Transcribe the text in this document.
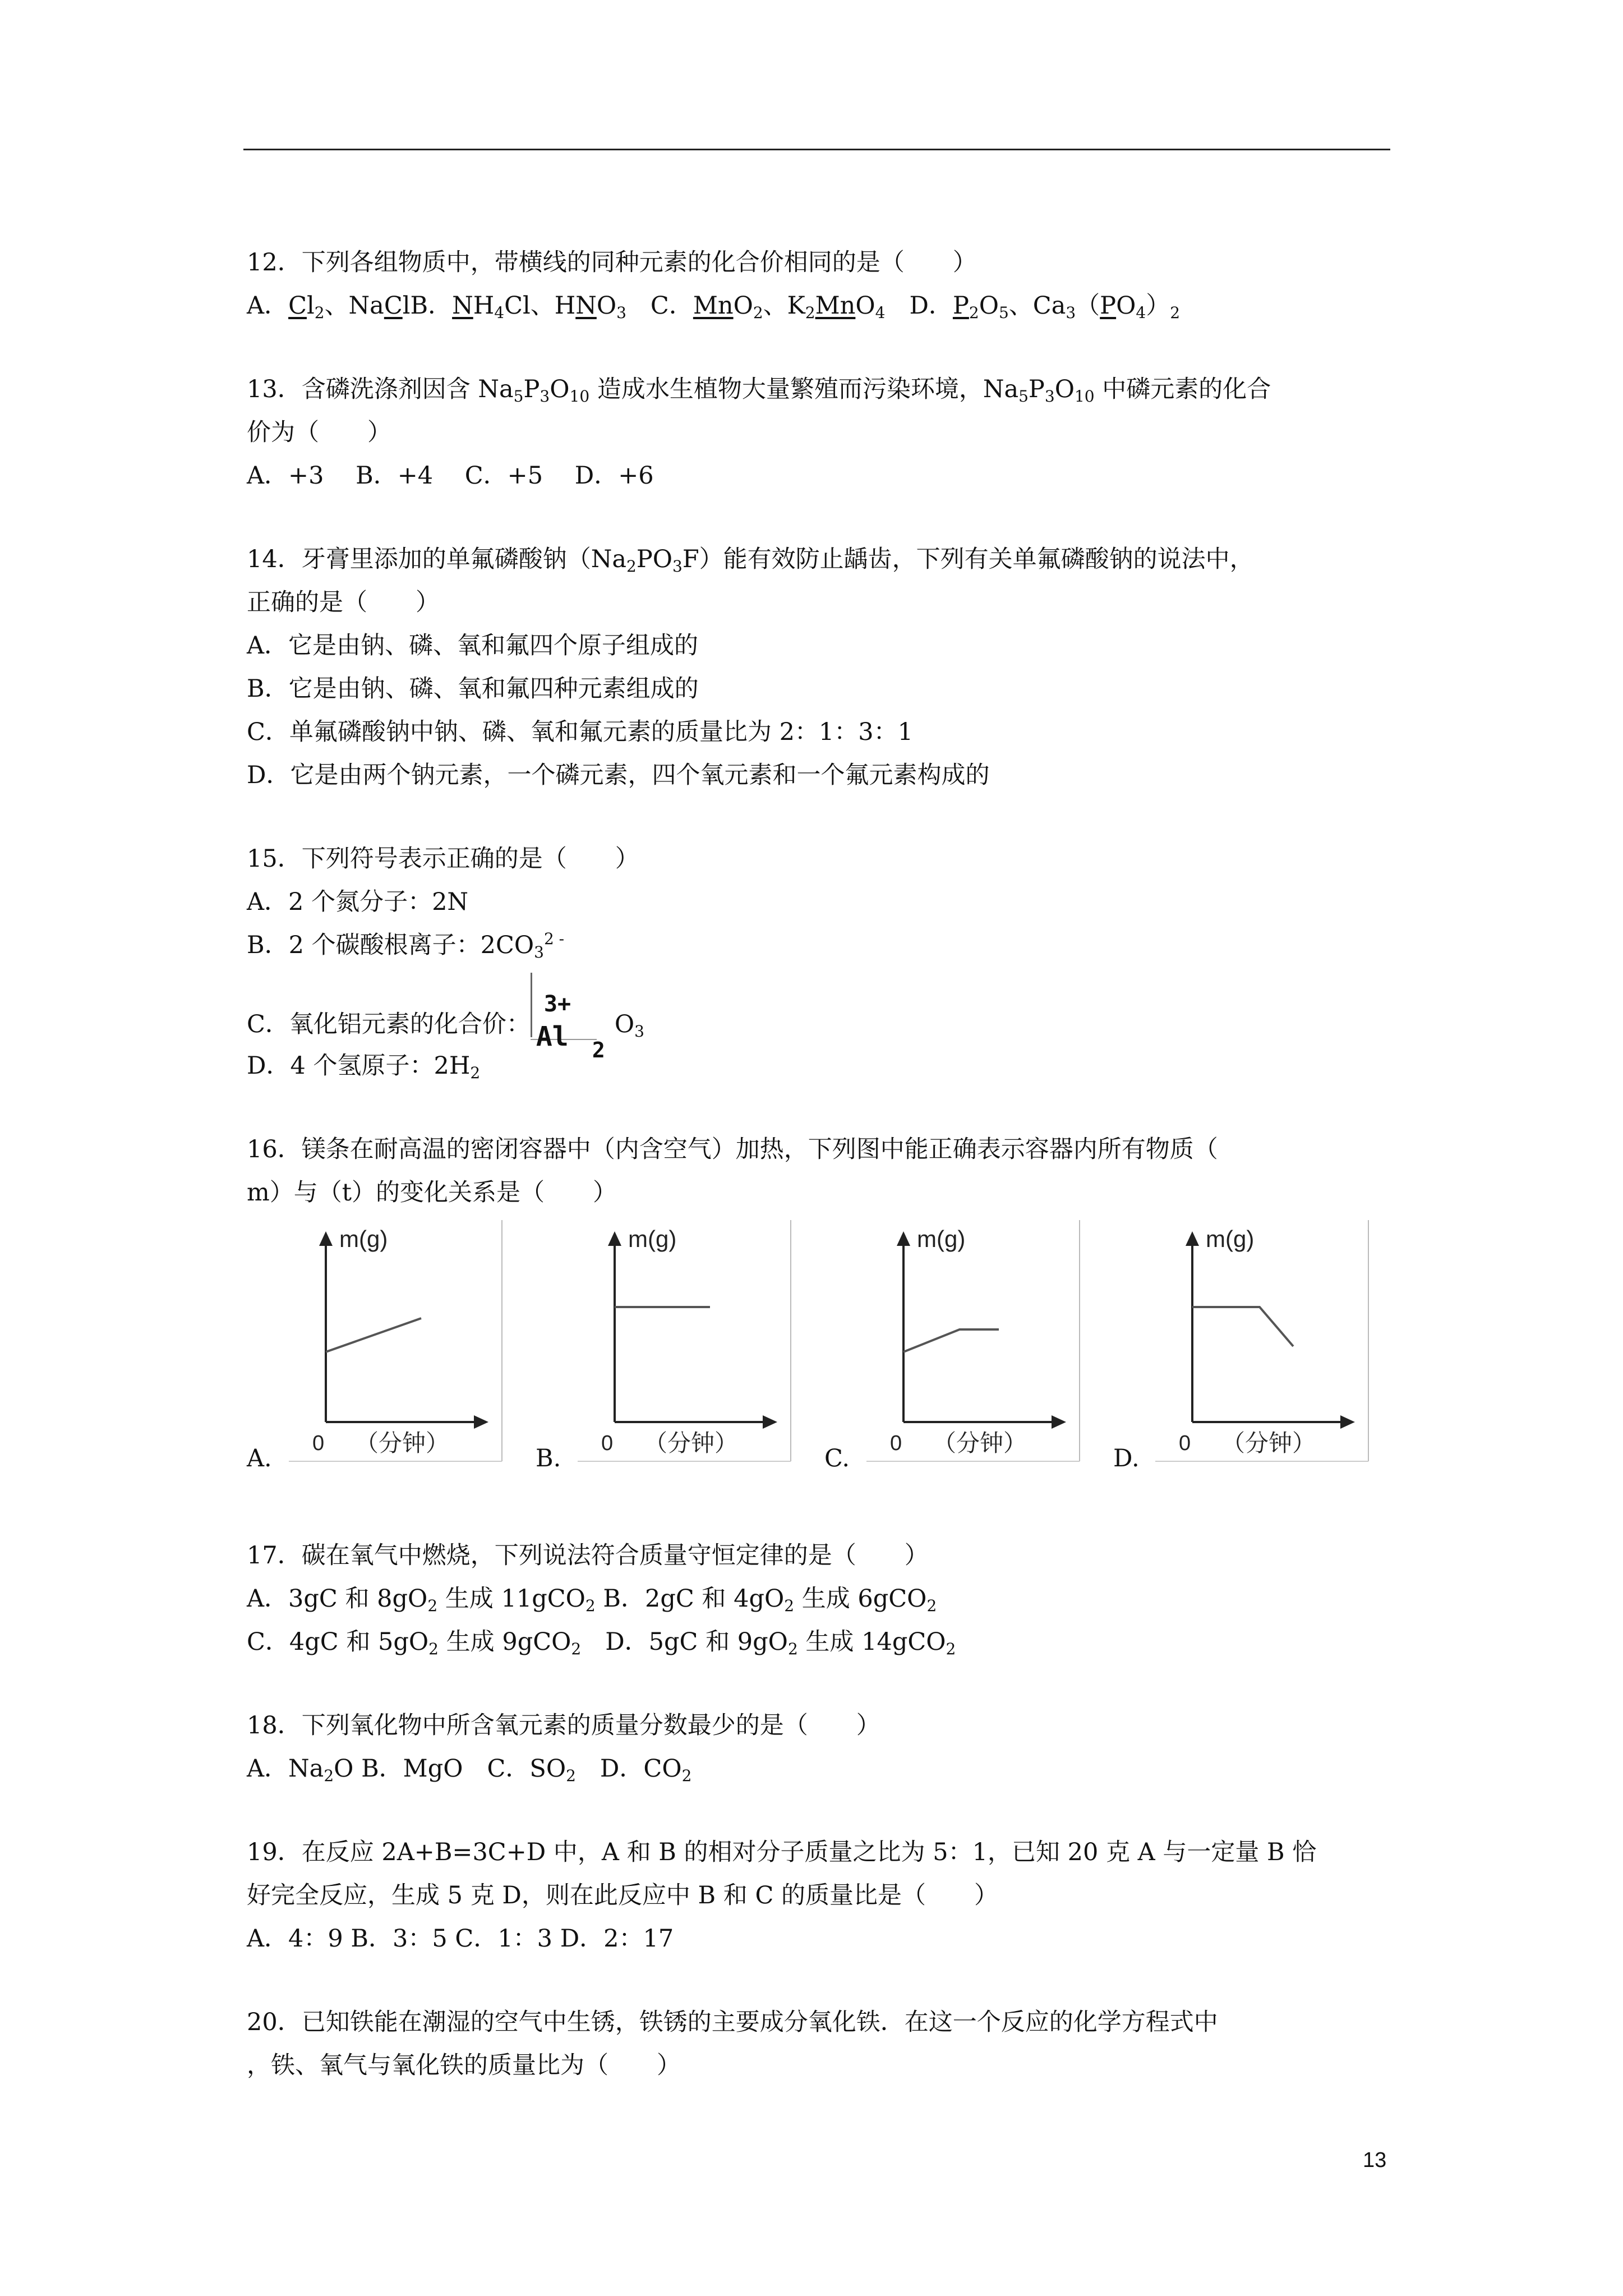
12．下列各组物质中，带横线的同种元素的化合价相同的是（　　）
A．$Cl_2$、NaClB．$NH_4Cl$、$HNO_3$　C．MnO$_2$、$K_2MnO_4$　D．$P_2O_5$、$Ca_3(PO_4)_2$
13．含磷洗涤剂因含 $Na_5P_3O_{10}$ 造成水生植物大量繁殖而污染环境，$Na_5P_3O_{10}$ 中磷元素的化合
价为（　　）
A．+3　 B．+4　 C．+5　 D．+6
14．牙膏里添加的单氟磷酸钠$(Na_2PO_3F)$能有效防止龋齿，下列有关单氟磷酸钠的说法中，
正确的是（　　）
A．它是由钠、磷、氧和氟四个原子组成的
B．它是由钠、磷、氧和氟四种元素组成的
C．单氟磷酸钠中钠、磷、氧和氟元素的质量比为 2：1：3：1
D．它是由两个钠元素，一个磷元素，四个氧元素和一个氟元素构成的
15．下列符号表示正确的是（　　）
A．2 个氮分子：2N
B．2 个碳酸根离子：$2CO_3^{2 -}$
C．氧化铝元素的化合价：
3+
Al 2
$O_3$
D．4 个氢原子：$2H_2$
16．镁条在耐高温的密闭容器中（内含空气）加热，下列图中能正确表示容器内所有物质（
m）与（t）的变化关系是（　　）
m(g)
0 （分钟）
A.
m(g)
0 （分钟）
B.
m(g)
0 （分钟）
C.
m(g)
0 （分钟）
D.
17．碳在氧气中燃烧，下列说法符合质量守恒定律的是（　　）
A．3gC 和 $8gO_2$ 生成 11gCO$_2$ B．2gC 和 $4gO_2$ 生成 6gCO$_2$
C．4gC 和 $5gO_2$ 生成 9gCO$_2$　D．5gC 和 $9gO_2$ 生成 14gCO$_2$
18．下列氧化物中所含氧元素的质量分数最少的是（　　）
A．$Na_2O$ B．MgO　C．$SO_2$　D．$CO_2$
19．在反应 2A+B=3C+D 中，A 和 B 的相对分子质量之比为 5：1，已知 20 克 A 与一定量 B 恰
好完全反应，生成 5 克 D，则在此反应中 B 和 C 的质量比是（　　）
A．4：9 B．3：5 C．1：3 D．2：17
20．已知铁能在潮湿的空气中生锈，铁锈的主要成分氧化铁．在这一个反应的化学方程式中
，铁、氧气与氧化铁的质量比为（　　）
13
